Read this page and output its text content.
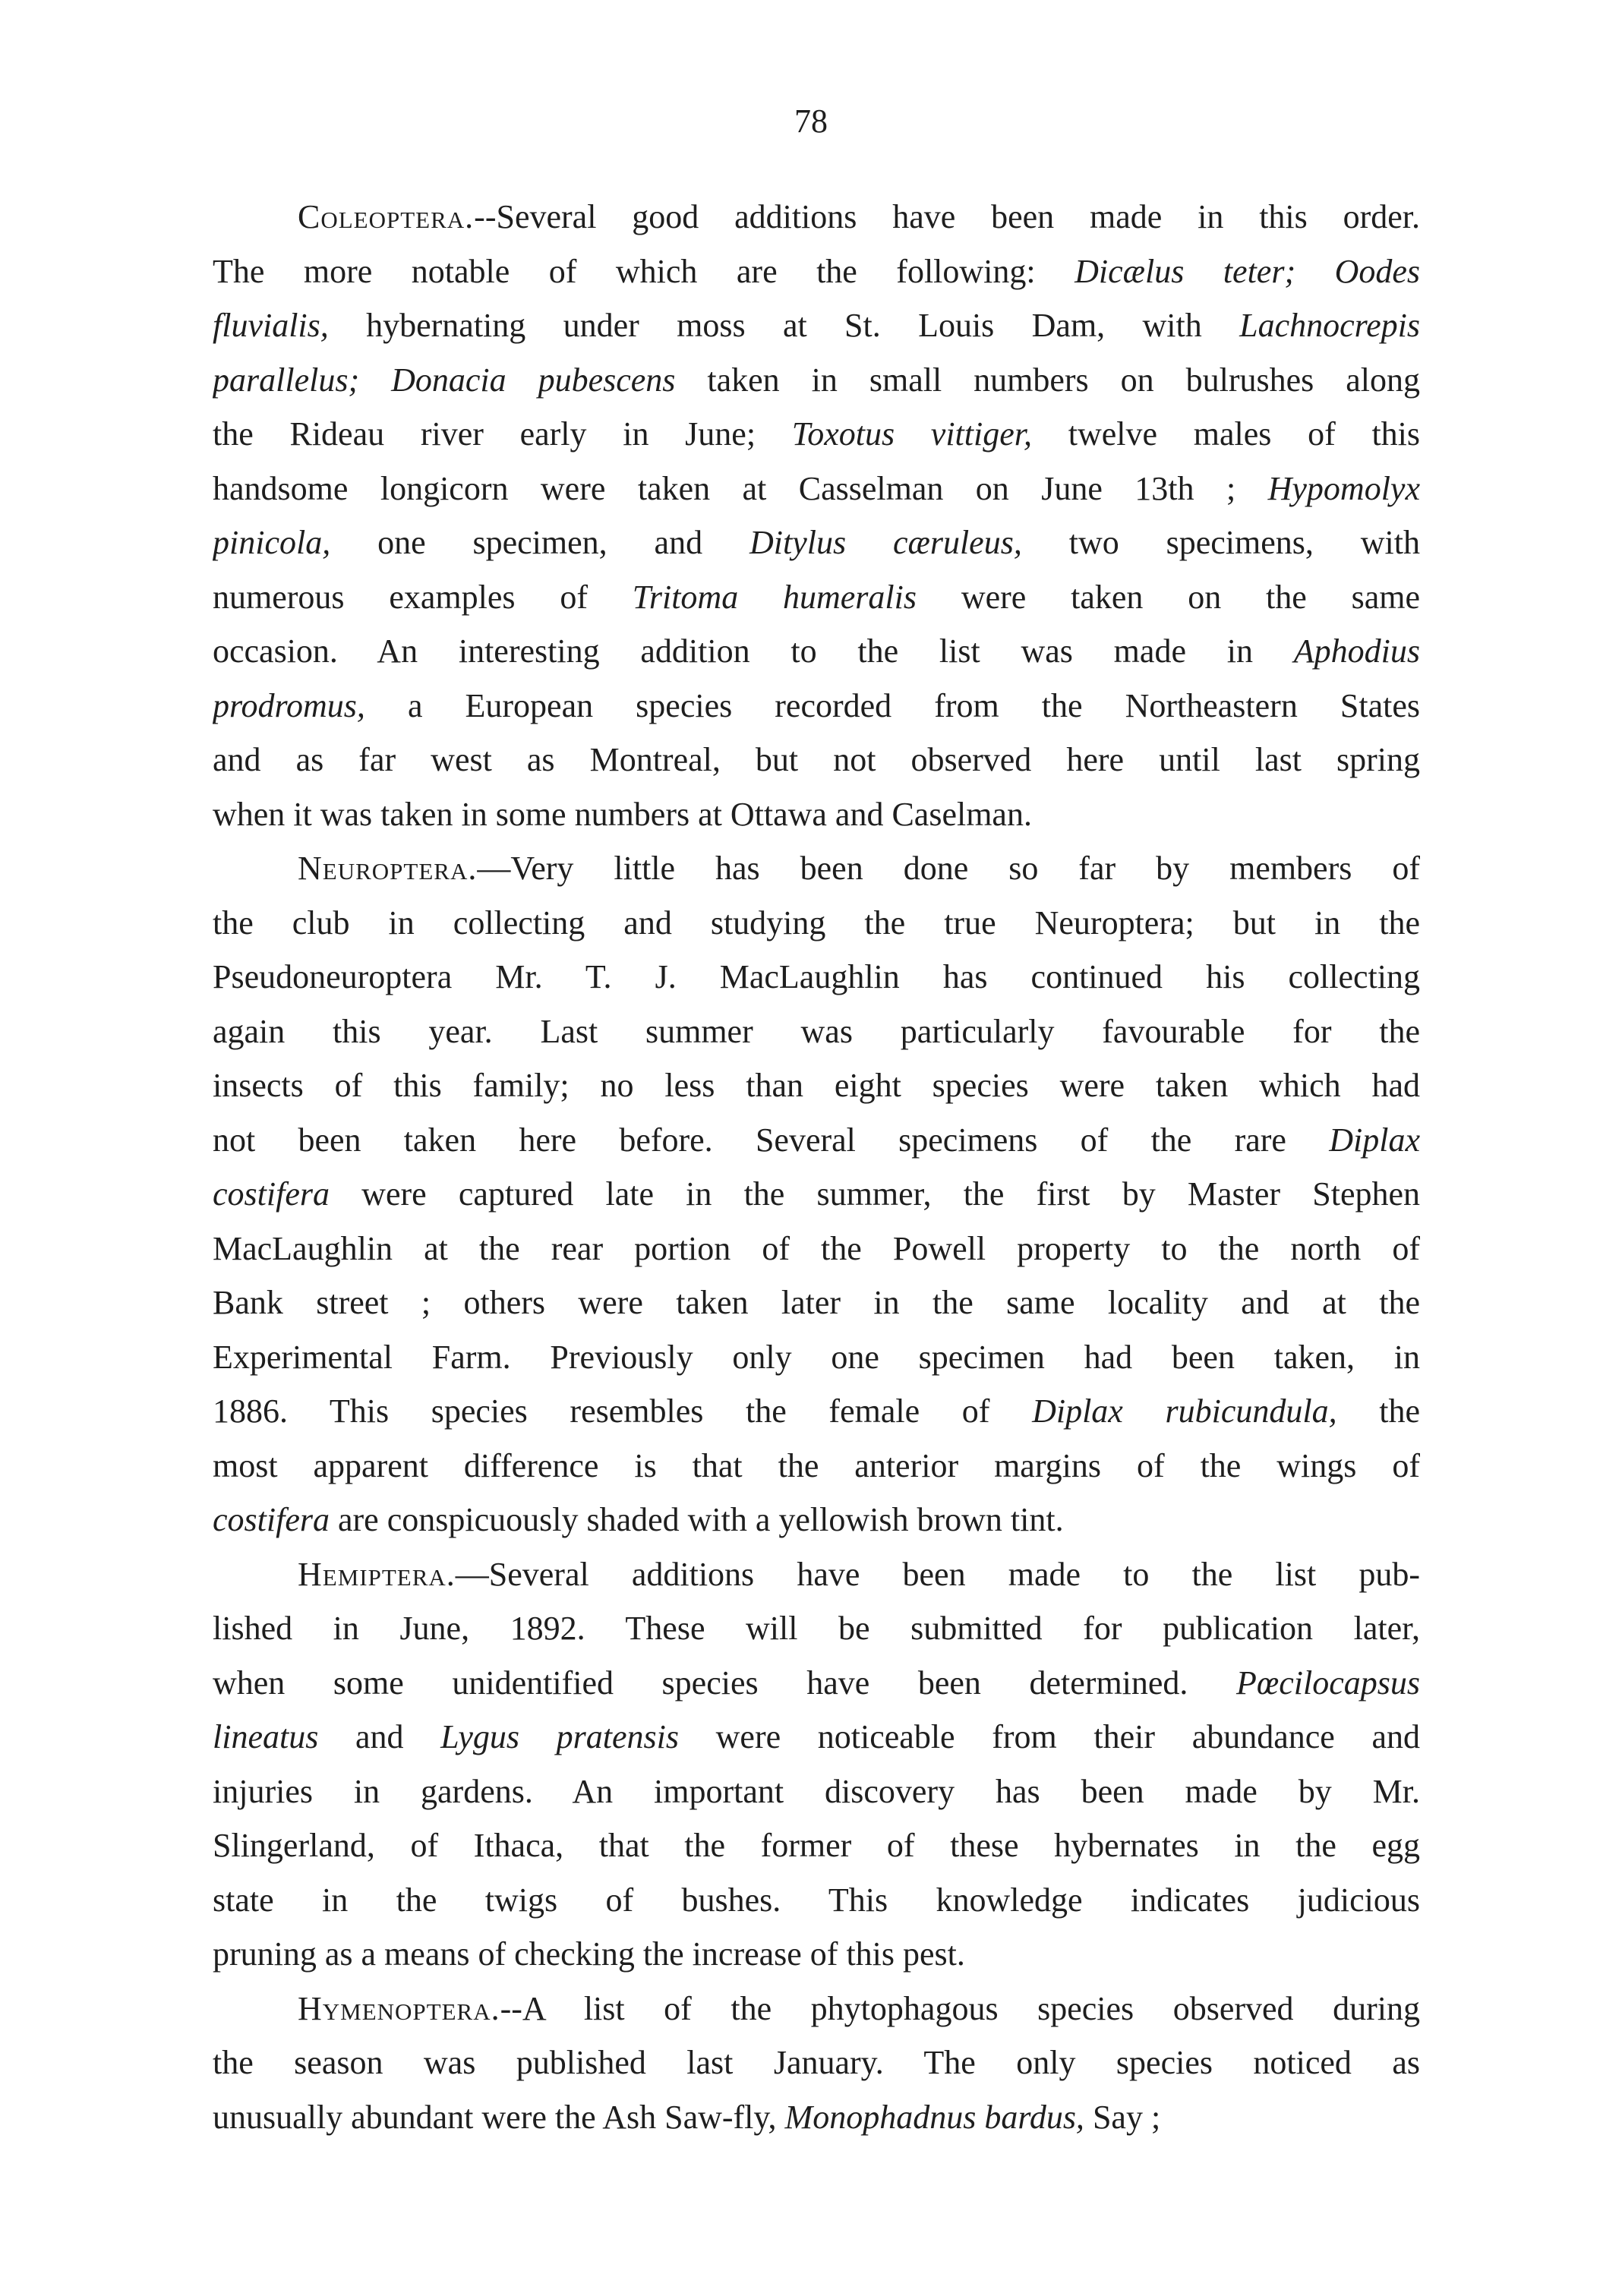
78
Coleoptera.--Several good additions have been made in this order.
The more notable of which are the following: Dicælus teter; Oodes
fluvialis, hybernating under moss at St. Louis Dam, with Lachnocrepis
parallelus; Donacia pubescens taken in small numbers on bulrushes along
the Rideau river early in June; Toxotus vittiger, twelve males of this
handsome longicorn were taken at Casselman on June 13th ; Hypomolyx
pinicola, one specimen, and Ditylus cæruleus, two specimens, with
numerous examples of Tritoma humeralis were taken on the same
occasion. An interesting addition to the list was made in Aphodius
prodromus, a European species recorded from the Northeastern States
and as far west as Montreal, but not observed here until last spring
when it was taken in some numbers at Ottawa and Caselman.
Neuroptera.—Very little has been done so far by members of
the club in collecting and studying the true Neuroptera; but in the
Pseudoneuroptera Mr. T. J. MacLaughlin has continued his collecting
again this year. Last summer was particularly favourable for the
insects of this family; no less than eight species were taken which had
not been taken here before. Several specimens of the rare Diplax
costifera were captured late in the summer, the first by Master Stephen
MacLaughlin at the rear portion of the Powell property to the north of
Bank street ; others were taken later in the same locality and at the
Experimental Farm. Previously only one specimen had been taken, in
1886. This species resembles the female of Diplax rubicundula, the
most apparent difference is that the anterior margins of the wings of
costifera are conspicuously shaded with a yellowish brown tint.
Hemiptera.—Several additions have been made to the list pub-
lished in June, 1892. These will be submitted for publication later,
when some unidentified species have been determined. Pœcilocapsus
lineatus and Lygus pratensis were noticeable from their abundance and
injuries in gardens. An important discovery has been made by Mr.
Slingerland, of Ithaca, that the former of these hybernates in the egg
state in the twigs of bushes. This knowledge indicates judicious
pruning as a means of checking the increase of this pest.
Hymenoptera.--A list of the phytophagous species observed during
the season was published last January. The only species noticed as
unusually abundant were the Ash Saw-fly, Monophadnus bardus, Say ;
